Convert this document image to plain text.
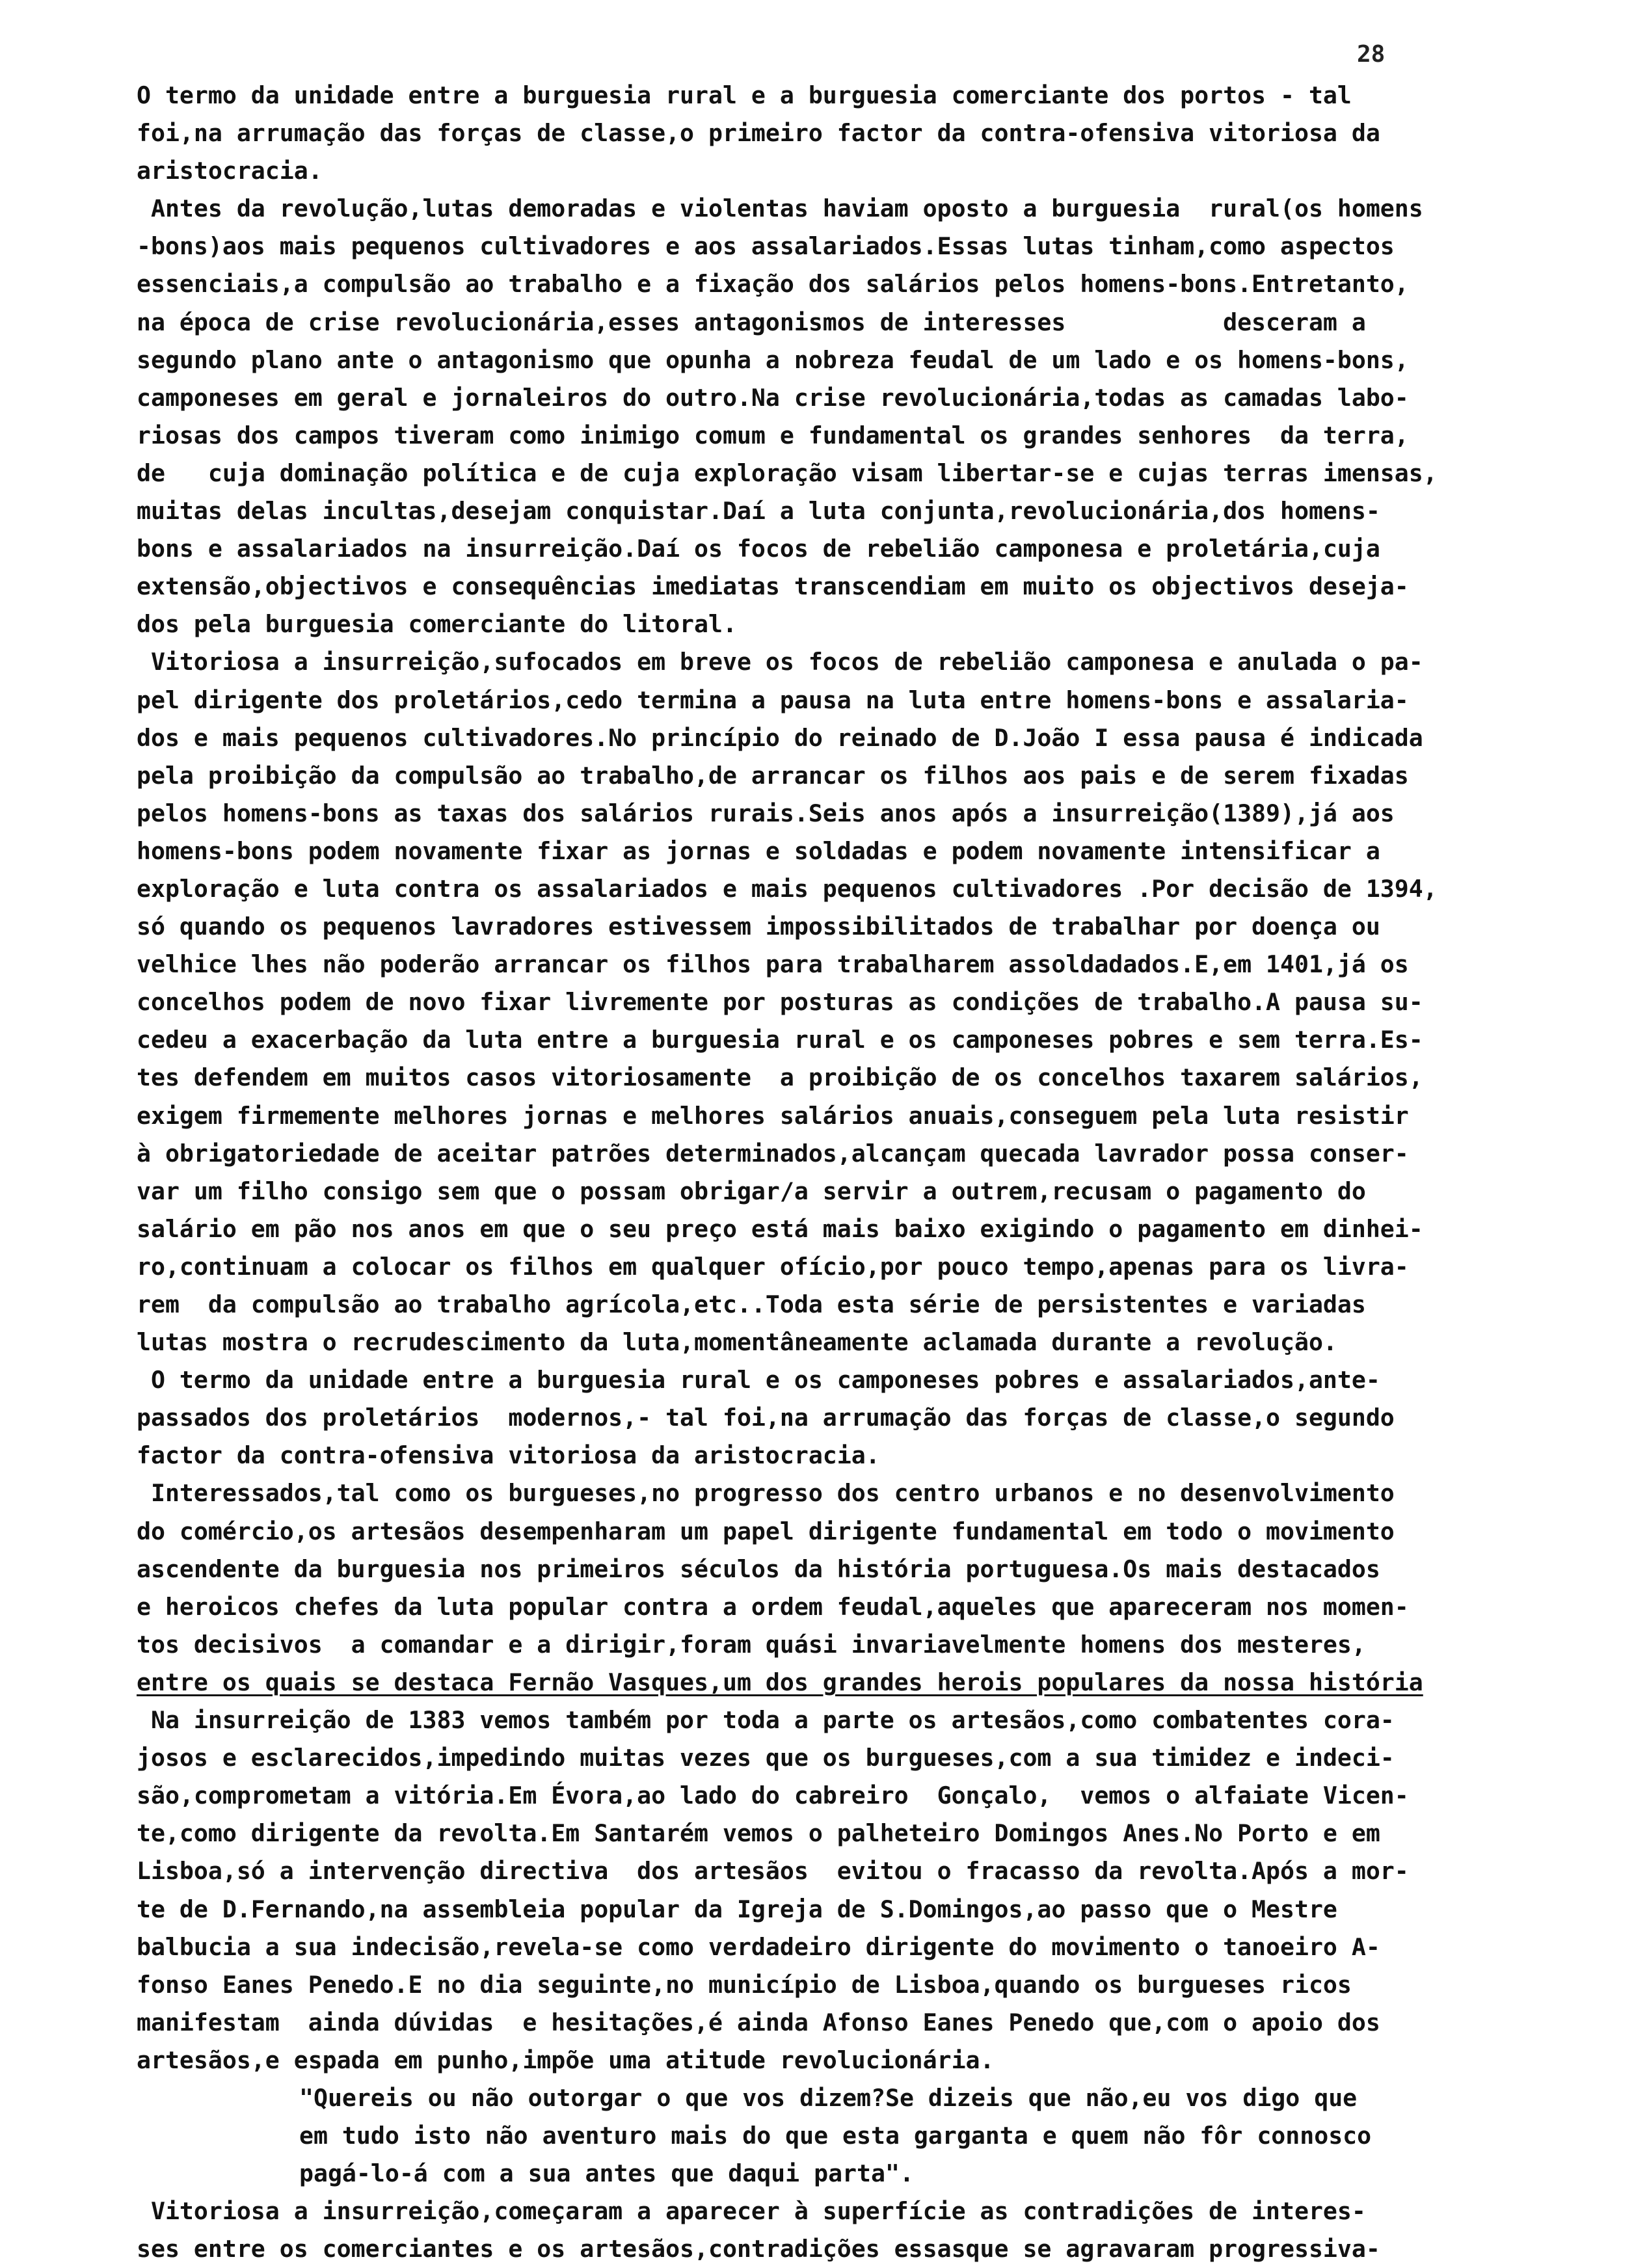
28
O termo da unidade entre a burguesia rural e a burguesia comerciante dos portos - tal
foi,na arrumação das forças de classe,o primeiro factor da contra-ofensiva vitoriosa da
aristocracia.
Antes da revolução,lutas demoradas e violentas haviam oposto a burguesia  rural(os homens
-bons)aos mais pequenos cultivadores e aos assalariados.Essas lutas tinham,como aspectos
essenciais,a compulsão ao trabalho e a fixação dos salários pelos homens-bons.Entretanto,
na época de crise revolucionária,esses antagonismos de interesses           desceram a
segundo plano ante o antagonismo que opunha a nobreza feudal de um lado e os homens-bons,
camponeses em geral e jornaleiros do outro.Na crise revolucionária,todas as camadas labo-
riosas dos campos tiveram como inimigo comum e fundamental os grandes senhores  da terra,
de   cuja dominação política e de cuja exploração visam libertar-se e cujas terras imensas,
muitas delas incultas,desejam conquistar.Daí a luta conjunta,revolucionária,dos homens-
bons e assalariados na insurreição.Daí os focos de rebelião camponesa e proletária,cuja
extensão,objectivos e consequências imediatas transcendiam em muito os objectivos deseja-
dos pela burguesia comerciante do litoral.
Vitoriosa a insurreição,sufocados em breve os focos de rebelião camponesa e anulada o pa-
pel dirigente dos proletários,cedo termina a pausa na luta entre homens-bons e assalaria-
dos e mais pequenos cultivadores.No princípio do reinado de D.João I essa pausa é indicada
pela proibição da compulsão ao trabalho,de arrancar os filhos aos pais e de serem fixadas
pelos homens-bons as taxas dos salários rurais.Seis anos após a insurreição(1389),já aos
homens-bons podem novamente fixar as jornas e soldadas e podem novamente intensificar a
exploração e luta contra os assalariados e mais pequenos cultivadores .Por decisão de 1394,
só quando os pequenos lavradores estivessem impossibilitados de trabalhar por doença ou
velhice lhes não poderão arrancar os filhos para trabalharem assoldadados.E,em 1401,já os
concelhos podem de novo fixar livremente por posturas as condições de trabalho.A pausa su-
cedeu a exacerbação da luta entre a burguesia rural e os camponeses pobres e sem terra.Es-
tes defendem em muitos casos vitoriosamente  a proibição de os concelhos taxarem salários,
exigem firmemente melhores jornas e melhores salários anuais,conseguem pela luta resistir
à obrigatoriedade de aceitar patrões determinados,alcançam quecada lavrador possa conser-
var um filho consigo sem que o possam obrigar/a servir a outrem,recusam o pagamento do
salário em pão nos anos em que o seu preço está mais baixo exigindo o pagamento em dinhei-
ro,continuam a colocar os filhos em qualquer ofício,por pouco tempo,apenas para os livra-
rem  da compulsão ao trabalho agrícola,etc..Toda esta série de persistentes e variadas
lutas mostra o recrudescimento da luta,momentâneamente aclamada durante a revolução.
O termo da unidade entre a burguesia rural e os camponeses pobres e assalariados,ante-
passados dos proletários  modernos,- tal foi,na arrumação das forças de classe,o segundo
factor da contra-ofensiva vitoriosa da aristocracia.
Interessados,tal como os burgueses,no progresso dos centro urbanos e no desenvolvimento
do comércio,os artesãos desempenharam um papel dirigente fundamental em todo o movimento
ascendente da burguesia nos primeiros séculos da história portuguesa.Os mais destacados
e heroicos chefes da luta popular contra a ordem feudal,aqueles que apareceram nos momen-
tos decisivos  a comandar e a dirigir,foram quási invariavelmente homens dos mesteres,
entre os quais se destaca Fernão Vasques,um dos grandes herois populares da nossa história
Na insurreição de 1383 vemos também por toda a parte os artesãos,como combatentes cora-
josos e esclarecidos,impedindo muitas vezes que os burgueses,com a sua timidez e indeci-
são,comprometam a vitória.Em Évora,ao lado do cabreiro  Gonçalo,  vemos o alfaiate Vicen-
te,como dirigente da revolta.Em Santarém vemos o palheteiro Domingos Anes.No Porto e em
Lisboa,só a intervenção directiva  dos artesãos  evitou o fracasso da revolta.Após a mor-
te de D.Fernando,na assembleia popular da Igreja de S.Domingos,ao passo que o Mestre
balbucia a sua indecisão,revela-se como verdadeiro dirigente do movimento o tanoeiro A-
fonso Eanes Penedo.E no dia seguinte,no município de Lisboa,quando os burgueses ricos
manifestam  ainda dúvidas  e hesitações,é ainda Afonso Eanes Penedo que,com o apoio dos
artesãos,e espada em punho,impõe uma atitude revolucionária.
"Quereis ou não outorgar o que vos dizem?Se dizeis que não,eu vos digo que
em tudo isto não aventuro mais do que esta garganta e quem não fôr connosco
pagá-lo-á com a sua antes que daqui parta".
Vitoriosa a insurreição,começaram a aparecer à superfície as contradições de interes-
ses entre os comerciantes e os artesãos,contradições essasque se agravaram progressiva-
